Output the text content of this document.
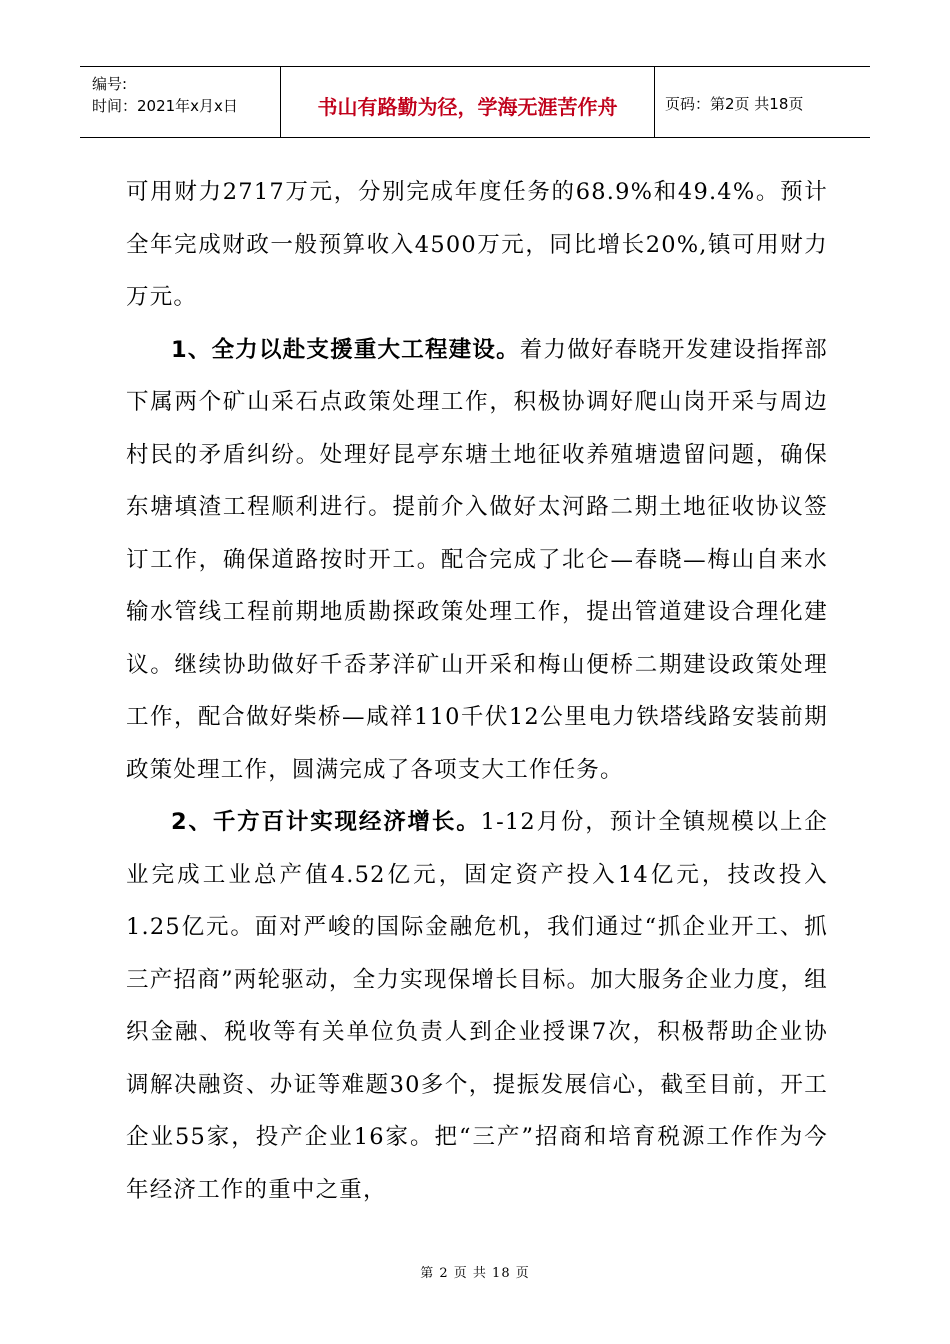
编号:
时间：2021年x月x日	书山有路勤为径，学海无涯苦作舟	页码：第2页 共18页

可用财力2717万元，分别完成年度任务的68.9%和49.4%。预计全年完成财政一般预算收入4500万元，同比增长20%,镇可用财力 万元。

1、全力以赴支援重大工程建设。着力做好春晓开发建设指挥部下属两个矿山采石点政策处理工作，积极协调好爬山岗开采与周边村民的矛盾纠纷。处理好昆亭东塘土地征收养殖塘遗留问题，确保东塘填渣工程顺利进行。提前介入做好太河路二期土地征收协议签订工作，确保道路按时开工。配合完成了北仑—春晓—梅山自来水输水管线工程前期地质勘探政策处理工作，提出管道建设合理化建议。继续协助做好千岙茅洋矿山开采和梅山便桥二期建设政策处理工作，配合做好柴桥—咸祥110千伏12公里电力铁塔线路安装前期政策处理工作，圆满完成了各项支大工作任务。

2、千方百计实现经济增长。1-12月份，预计全镇规模以上企业完成工业总产值4.52亿元，固定资产投入14亿元，技改投入1.25亿元。面对严峻的国际金融危机，我们通过“抓企业开工、抓三产招商”两轮驱动，全力实现保增长目标。加大服务企业力度，组织金融、税收等有关单位负责人到企业授课7次，积极帮助企业协调解决融资、办证等难题30多个，提振发展信心，截至目前，开工企业55家，投产企业16家。把“三产”招商和培育税源工作作为今年经济工作的重中之重，

第 2 页 共 18 页
